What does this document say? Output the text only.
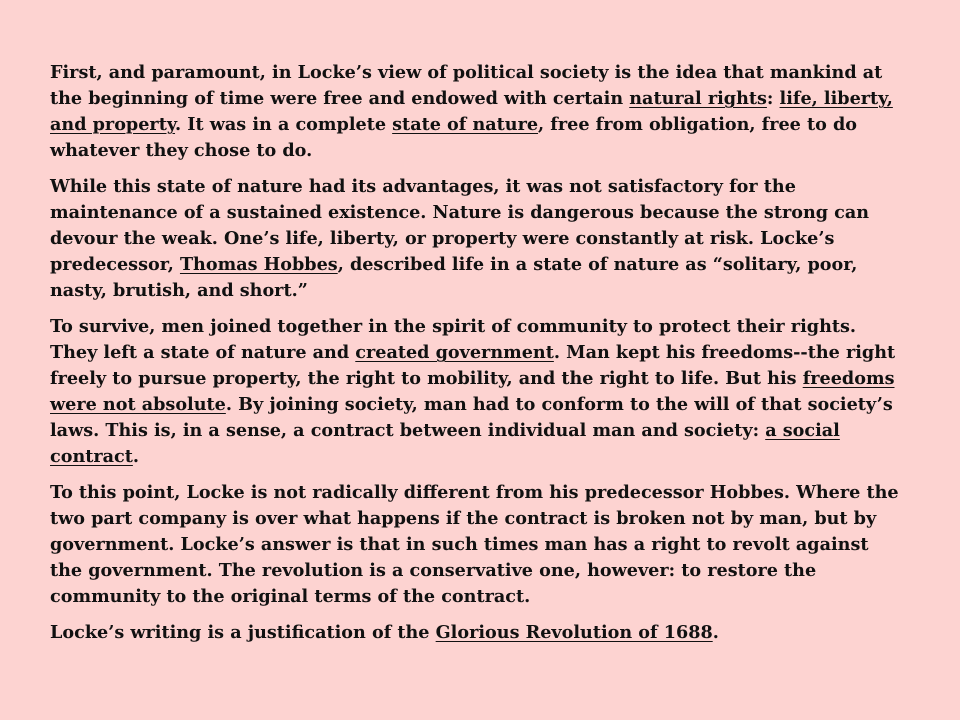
First, and paramount, in Locke’s view of political society is the idea that mankind at the beginning of time were free and endowed with certain natural rights: life, liberty, and property. It was in a complete state of nature, free from obligation, free to do whatever they chose to do.

While this state of nature had its advantages, it was not satisfactory for the maintenance of a sustained existence. Nature is dangerous because the strong can devour the weak. One’s life, liberty, or property were constantly at risk. Locke’s predecessor, Thomas Hobbes, described life in a state of nature as “solitary, poor, nasty, brutish, and short.”

To survive, men joined together in the spirit of community to protect their rights. They left a state of nature and created government. Man kept his freedoms--the right freely to pursue property, the right to mobility, and the right to life. But his freedoms were not absolute. By joining society, man had to conform to the will of that society’s laws. This is, in a sense, a contract between individual man and society: a social contract.

To this point, Locke is not radically different from his predecessor Hobbes. Where the two part company is over what happens if the contract is broken not by man, but by government. Locke’s answer is that in such times man has a right to revolt against the government. The revolution is a conservative one, however: to restore the community to the original terms of the contract.

Locke’s writing is a justification of the Glorious Revolution of 1688.
